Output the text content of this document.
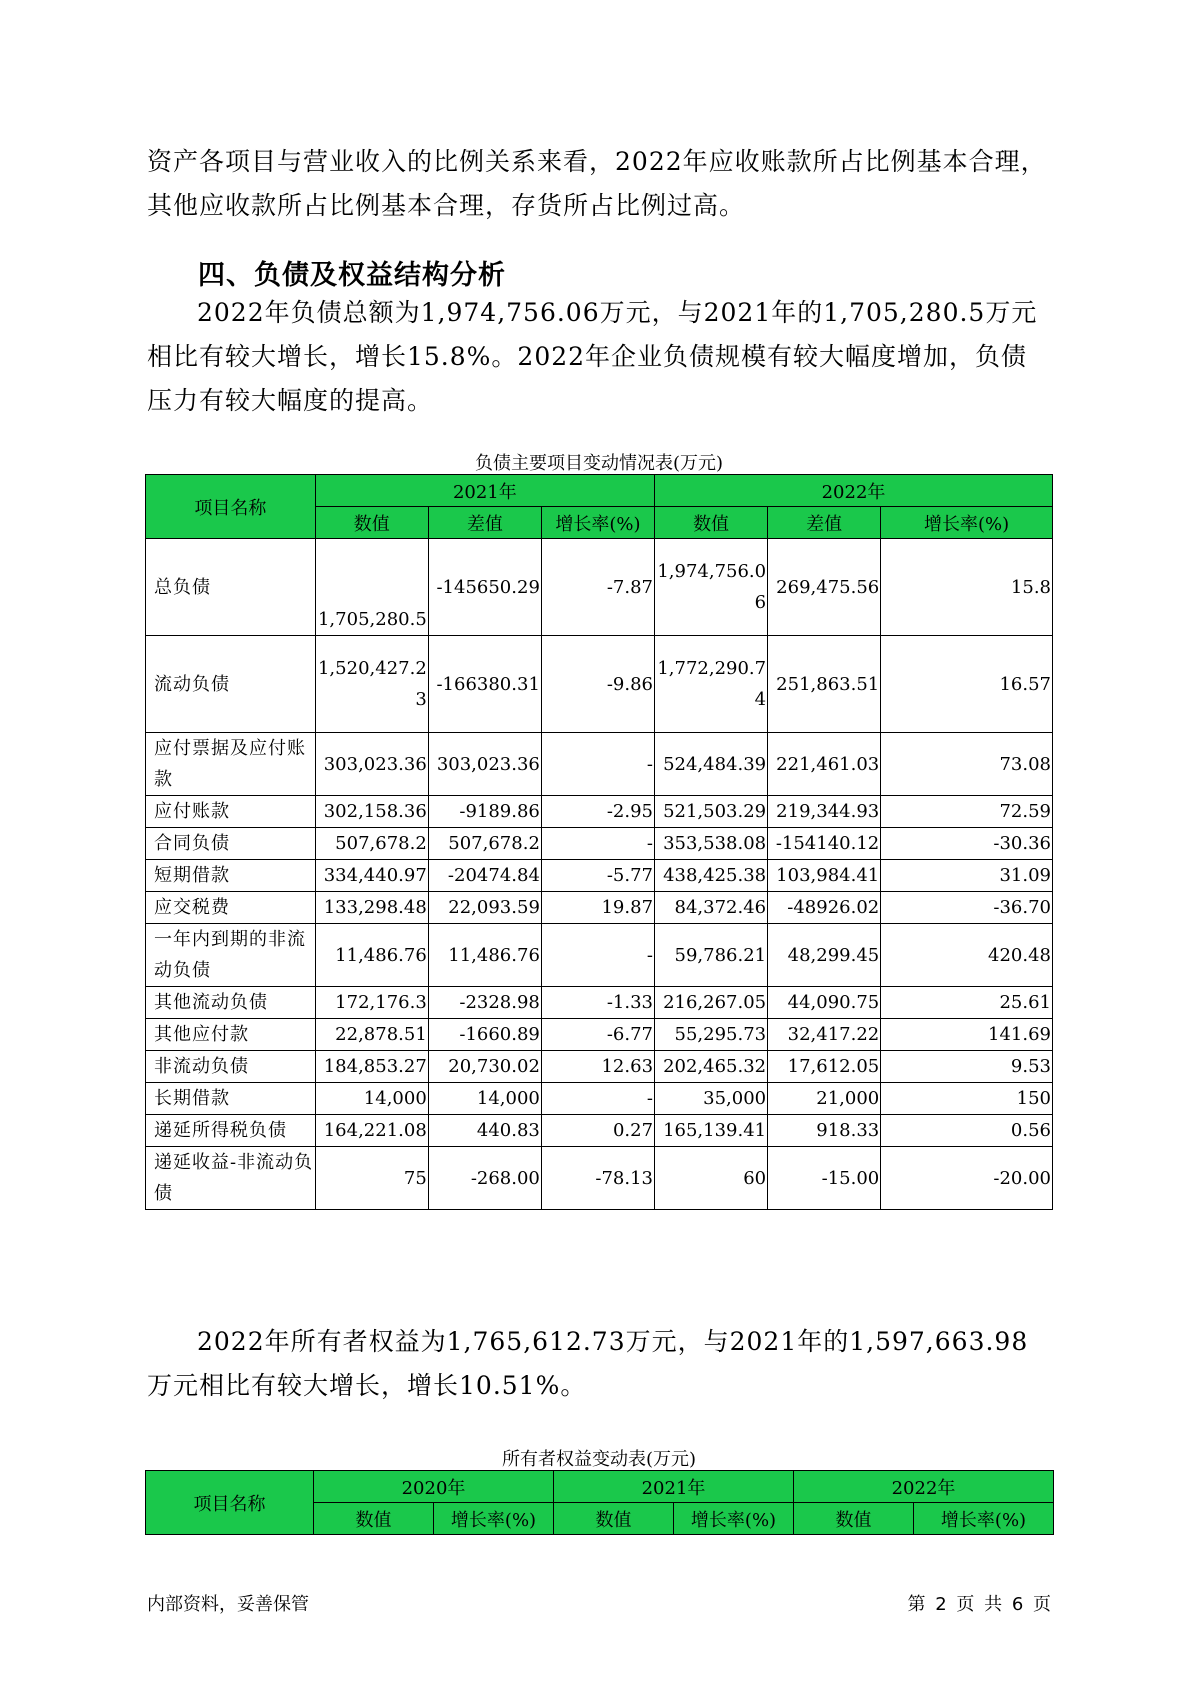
资产各项目与营业收入的比例关系来看，2022年应收账款所占比例基本合理，其他应收款所占比例基本合理，存货所占比例过高。

四、负债及权益结构分析

2022年负债总额为1,974,756.06万元，与2021年的1,705,280.5万元相比有较大增长，增长15.8%。2022年企业负债规模有较大幅度增加，负债压力有较大幅度的提高。

负债主要项目变动情况表(万元)
项目名称	2021年			2022年		
	数值	差值	增长率(%)	数值	差值	增长率(%)
总负债	1,705,280.5	-145650.29	-7.87	1,974,756.06	269,475.56	15.8
流动负债	1,520,427.23	-166380.31	-9.86	1,772,290.74	251,863.51	16.57
应付票据及应付账款	303,023.36	303,023.36	-	524,484.39	221,461.03	73.08
应付账款	302,158.36	-9189.86	-2.95	521,503.29	219,344.93	72.59
合同负债	507,678.2	507,678.2	-	353,538.08	-154140.12	-30.36
短期借款	334,440.97	-20474.84	-5.77	438,425.38	103,984.41	31.09
应交税费	133,298.48	22,093.59	19.87	84,372.46	-48926.02	-36.70
一年内到期的非流动负债	11,486.76	11,486.76	-	59,786.21	48,299.45	420.48
其他流动负债	172,176.3	-2328.98	-1.33	216,267.05	44,090.75	25.61
其他应付款	22,878.51	-1660.89	-6.77	55,295.73	32,417.22	141.69
非流动负债	184,853.27	20,730.02	12.63	202,465.32	17,612.05	9.53
长期借款	14,000	14,000	-	35,000	21,000	150
递延所得税负债	164,221.08	440.83	0.27	165,139.41	918.33	0.56
递延收益-非流动负债	75	-268.00	-78.13	60	-15.00	-20.00

2022年所有者权益为1,765,612.73万元，与2021年的1,597,663.98万元相比有较大增长，增长10.51%。

所有者权益变动表(万元)
项目名称	2020年		2021年		2022年	
	数值	增长率(%)	数值	增长率(%)	数值	增长率(%)
内部资料，妥善保管	第 2 页 共 6 页
